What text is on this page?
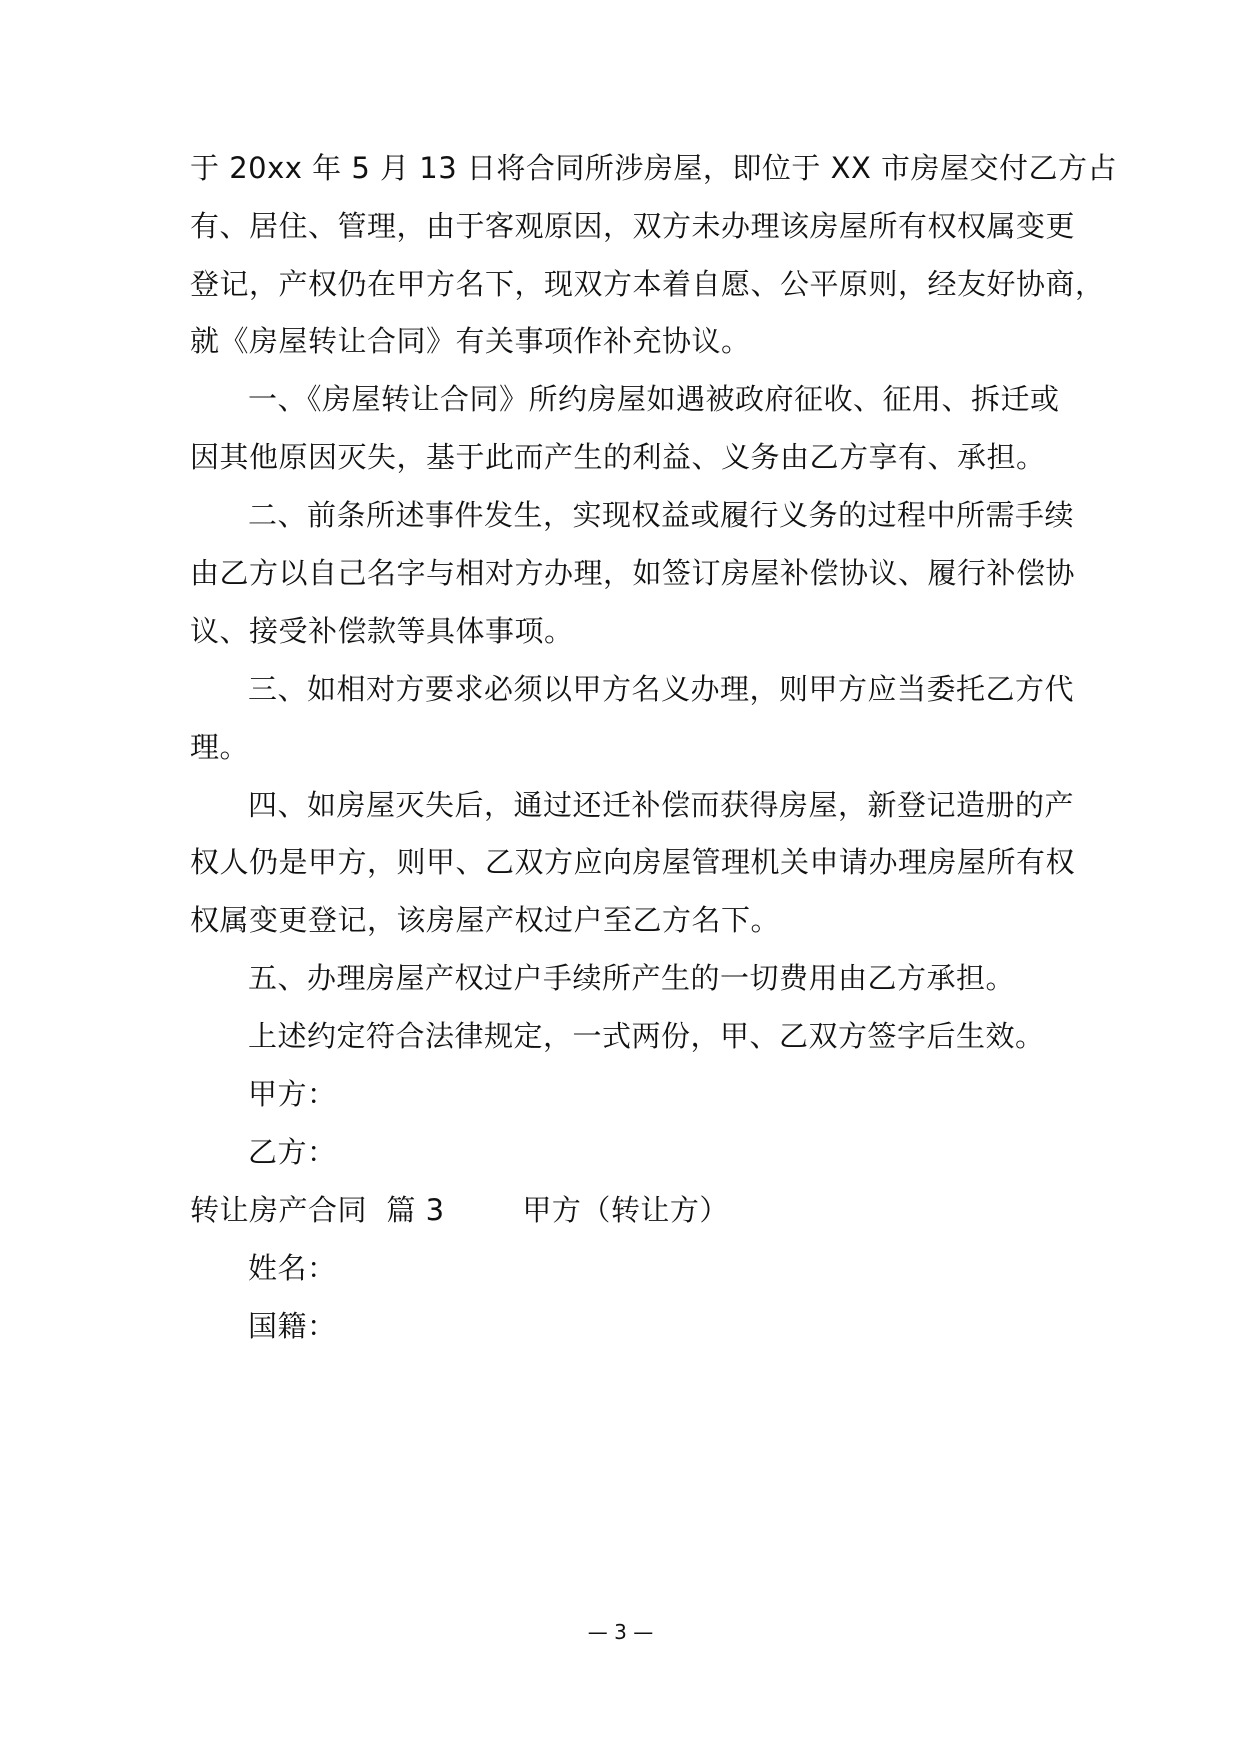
于 20xx 年 5 月 13 日将合同所涉房屋，即位于 XX 市房屋交付乙方占
有、居住、管理，由于客观原因，双方未办理该房屋所有权权属变更
登记，产权仍在甲方名下，现双方本着自愿、公平原则，经友好协商，
就《房屋转让合同》有关事项作补充协议。
一、《房屋转让合同》所约房屋如遇被政府征收、征用、拆迁或
因其他原因灭失，基于此而产生的利益、义务由乙方享有、承担。
二、前条所述事件发生，实现权益或履行义务的过程中所需手续
由乙方以自己名字与相对方办理，如签订房屋补偿协议、履行补偿协
议、接受补偿款等具体事项。
三、如相对方要求必须以甲方名义办理，则甲方应当委托乙方代
理。
四、如房屋灭失后，通过还迁补偿而获得房屋，新登记造册的产
权人仍是甲方，则甲、乙双方应向房屋管理机关申请办理房屋所有权
权属变更登记，该房屋产权过户至乙方名下。
五、办理房屋产权过户手续所产生的一切费用由乙方承担。
上述约定符合法律规定，一式两份，甲、乙双方签字后生效。
甲方：
乙方：
转让房产合同  篇 3        甲方（转让方）
姓名：
国籍：
— 3 —
